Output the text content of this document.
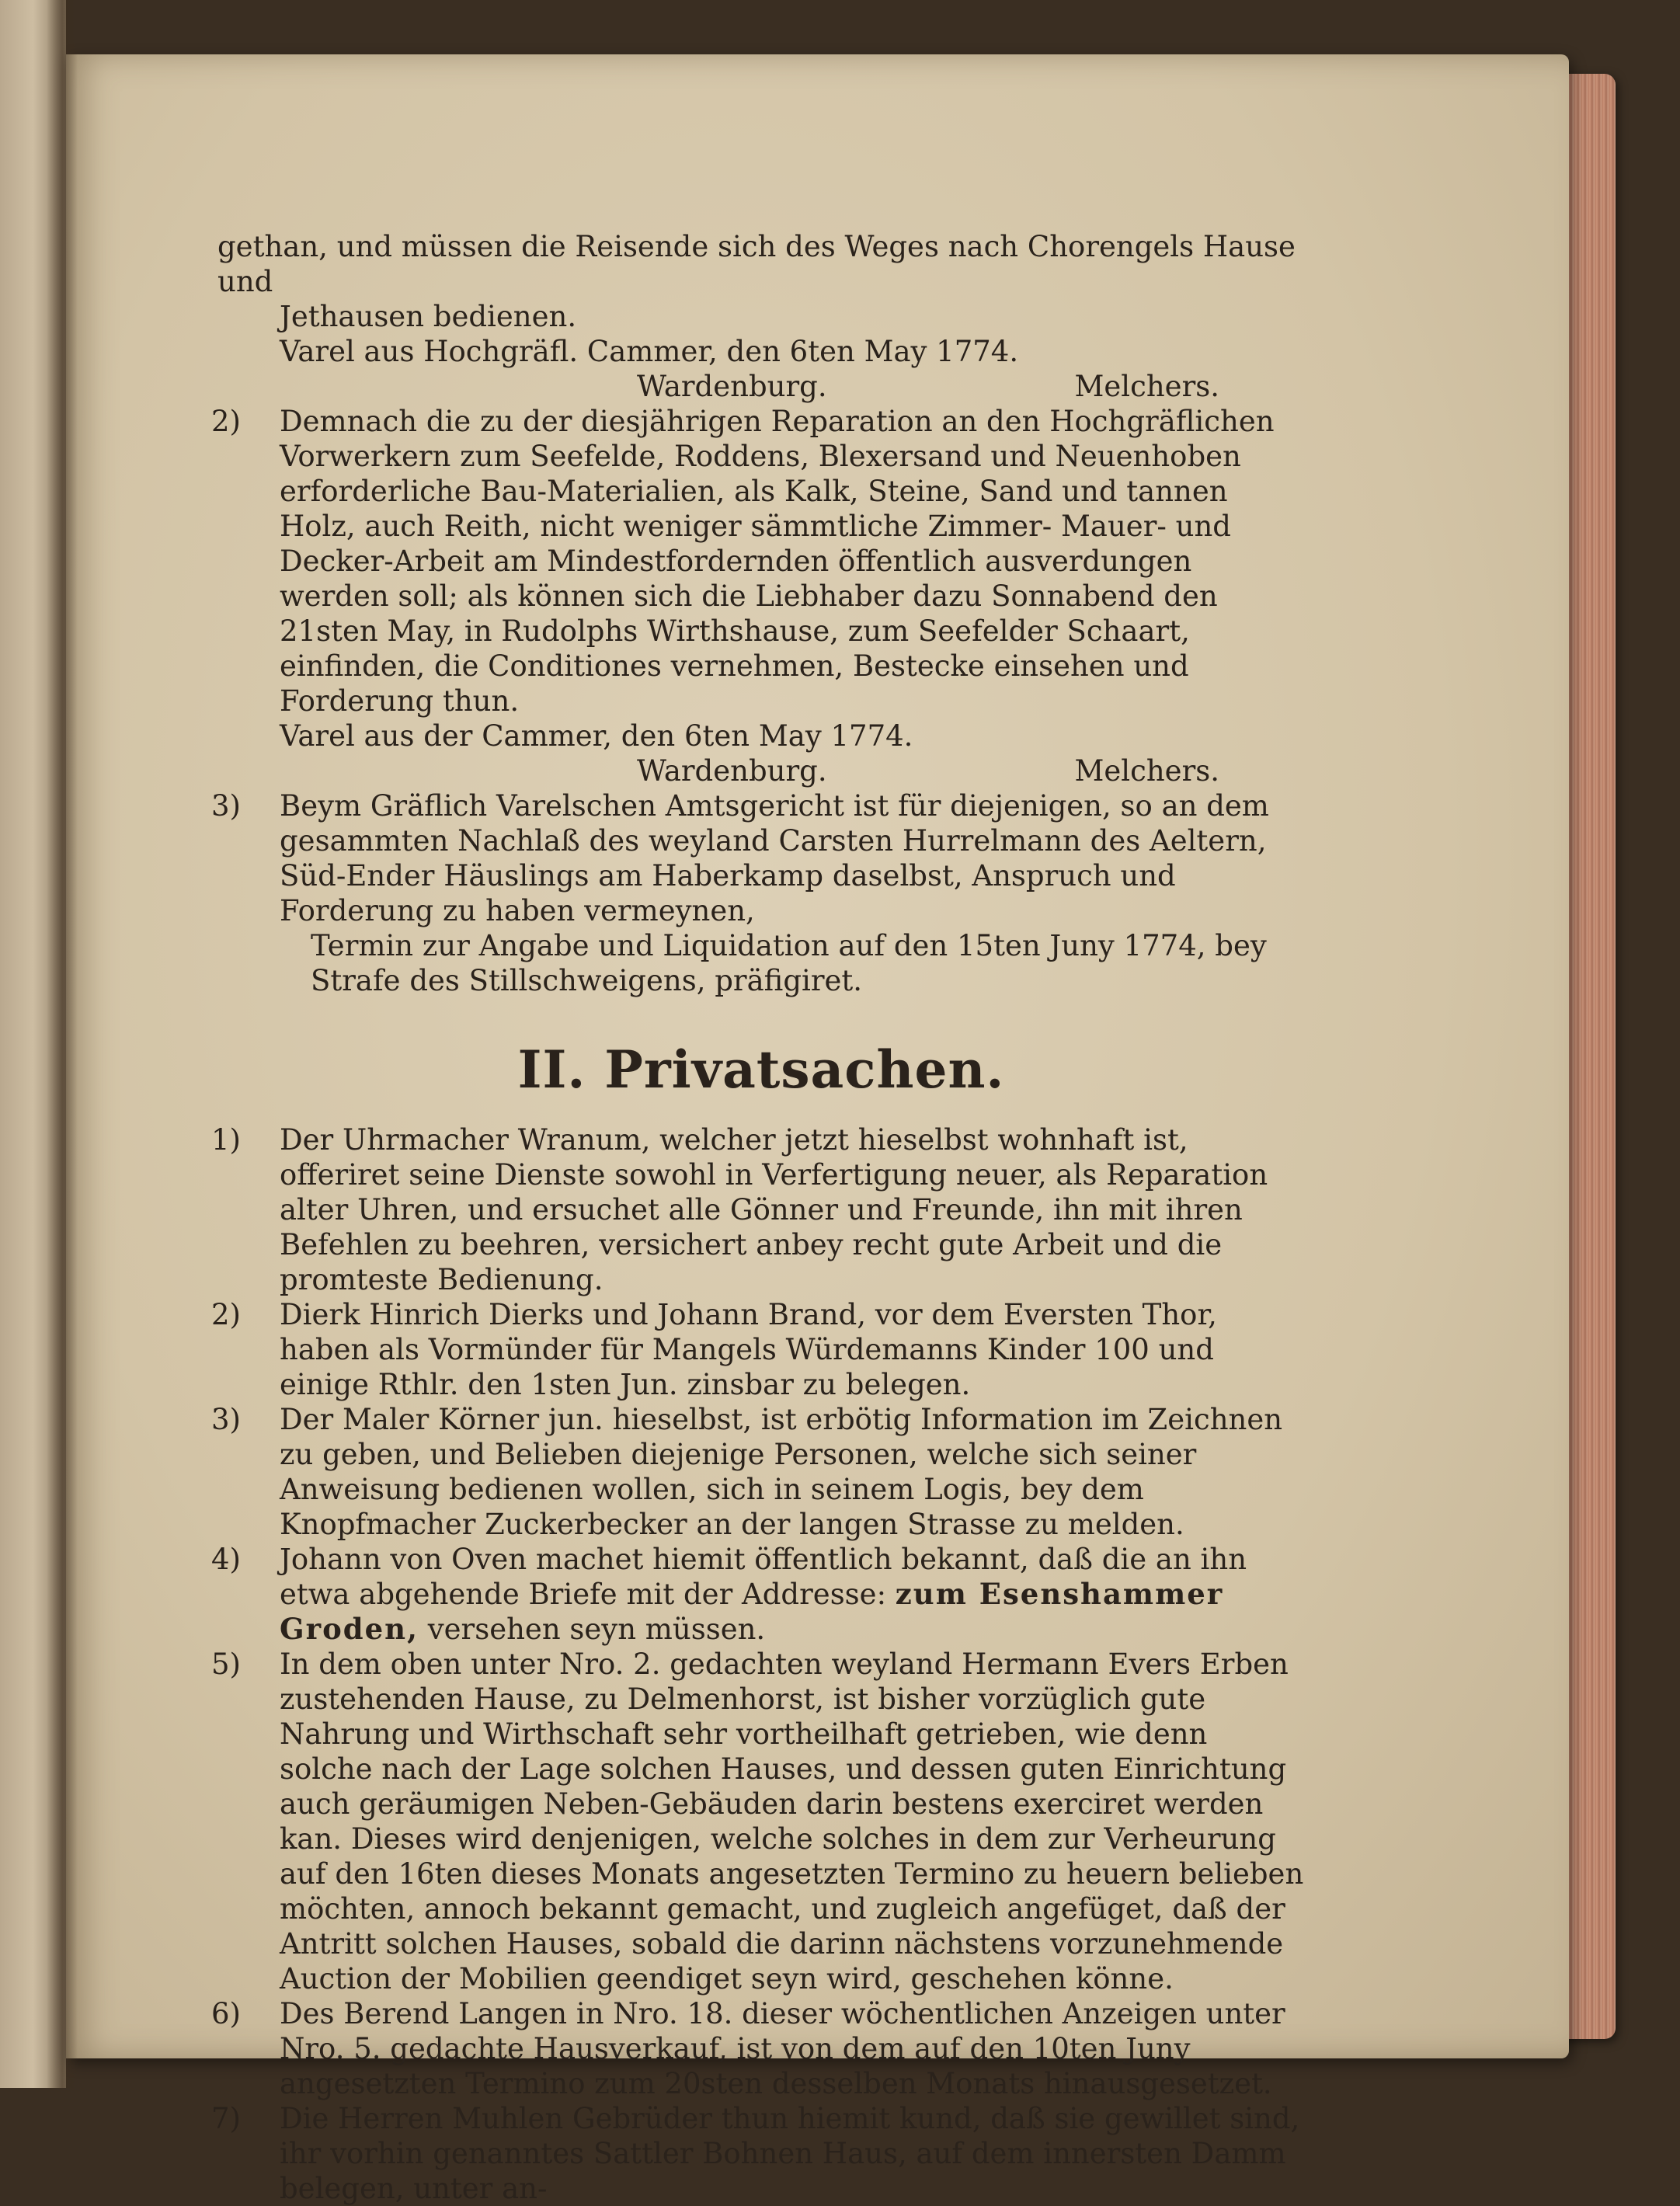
gethan, und müssen die Reisende sich des Weges nach Chorengels Hause und

Jethausen bedienen.

Varel aus Hochgräfl. Cammer, den 6ten May 1774.

Wardenburg.	Melchers.
2)	Demnach die zu der diesjährigen Reparation an den Hochgräflichen Vorwerkern zum Seefelde, Roddens, Blexersand und Neuenhoben erforderliche Bau-Materialien, als Kalk, Steine, Sand und tannen Holz, auch Reith, nicht weniger sämmtliche Zimmer- Mauer- und Decker-Arbeit am Mindestfordernden öffentlich ausverdungen werden soll; als können sich die Liebhaber dazu Sonnabend den 21sten May, in Rudolphs Wirthshause, zum Seefelder Schaart, einfinden, die Conditiones vernehmen, Bestecke einsehen und Forderung thun.

Varel aus der Cammer, den 6ten May 1774.

Wardenburg.	Melchers.
3)	Beym Gräflich Varelschen Amtsgericht ist für diejenigen, so an dem gesammten Nachlaß des weyland Carsten Hurrelmann des Aeltern, Süd-Ender Häuslings am Haberkamp daselbst, Anspruch und Forderung zu haben vermeynen,

Termin zur Angabe und Liquidation auf den 15ten Juny 1774, bey Strafe des Stillschweigens, präfigiret.

II. Privatsachen.
1)	Der Uhrmacher Wranum, welcher jetzt hieselbst wohnhaft ist, offeriret seine Dienste sowohl in Verfertigung neuer, als Reparation alter Uhren, und ersuchet alle Gönner und Freunde, ihn mit ihren Befehlen zu beehren, versichert anbey recht gute Arbeit und die promteste Bedienung.
2)	Dierk Hinrich Dierks und Johann Brand, vor dem Eversten Thor, haben als Vormünder für Mangels Würdemanns Kinder 100 und einige Rthlr. den 1sten Jun. zinsbar zu belegen.
3)	Der Maler Körner jun. hieselbst, ist erbötig Information im Zeichnen zu geben, und Belieben diejenige Personen, welche sich seiner Anweisung bedienen wollen, sich in seinem Logis, bey dem Knopfmacher Zuckerbecker an der langen Strasse zu melden.
4)	Johann von Oven machet hiemit öffentlich bekannt, daß die an ihn etwa abgehende Briefe mit der Addresse: zum Esenshammer Groden, versehen seyn müssen.
5)	In dem oben unter Nro. 2. gedachten weyland Hermann Evers Erben zustehenden Hause, zu Delmenhorst, ist bisher vorzüglich gute Nahrung und Wirthschaft sehr vortheilhaft getrieben, wie denn solche nach der Lage solchen Hauses, und dessen guten Einrichtung auch geräumigen Neben-Gebäuden darin bestens exerciret werden kan. Dieses wird denjenigen, welche solches in dem zur Verheurung auf den 16ten dieses Monats angesetzten Termino zu heuern belieben möchten, annoch bekannt gemacht, und zugleich angefüget, daß der Antritt solchen Hauses, sobald die darinn nächstens vorzunehmende Auction der Mobilien geendiget seyn wird, geschehen könne.
6)	Des Berend Langen in Nro. 18. dieser wöchentlichen Anzeigen unter Nro. 5. gedachte Hausverkauf, ist von dem auf den 10ten Juny angesetzten Termino zum 20sten desselben Monats hinausgesetzet.
7)	Die Herren Muhlen Gebrüder thun hiemit kund, daß sie gewillet sind, ihr vorhin genanntes Sattler Bohnen Haus, auf dem innersten Damm belegen, unter an-
